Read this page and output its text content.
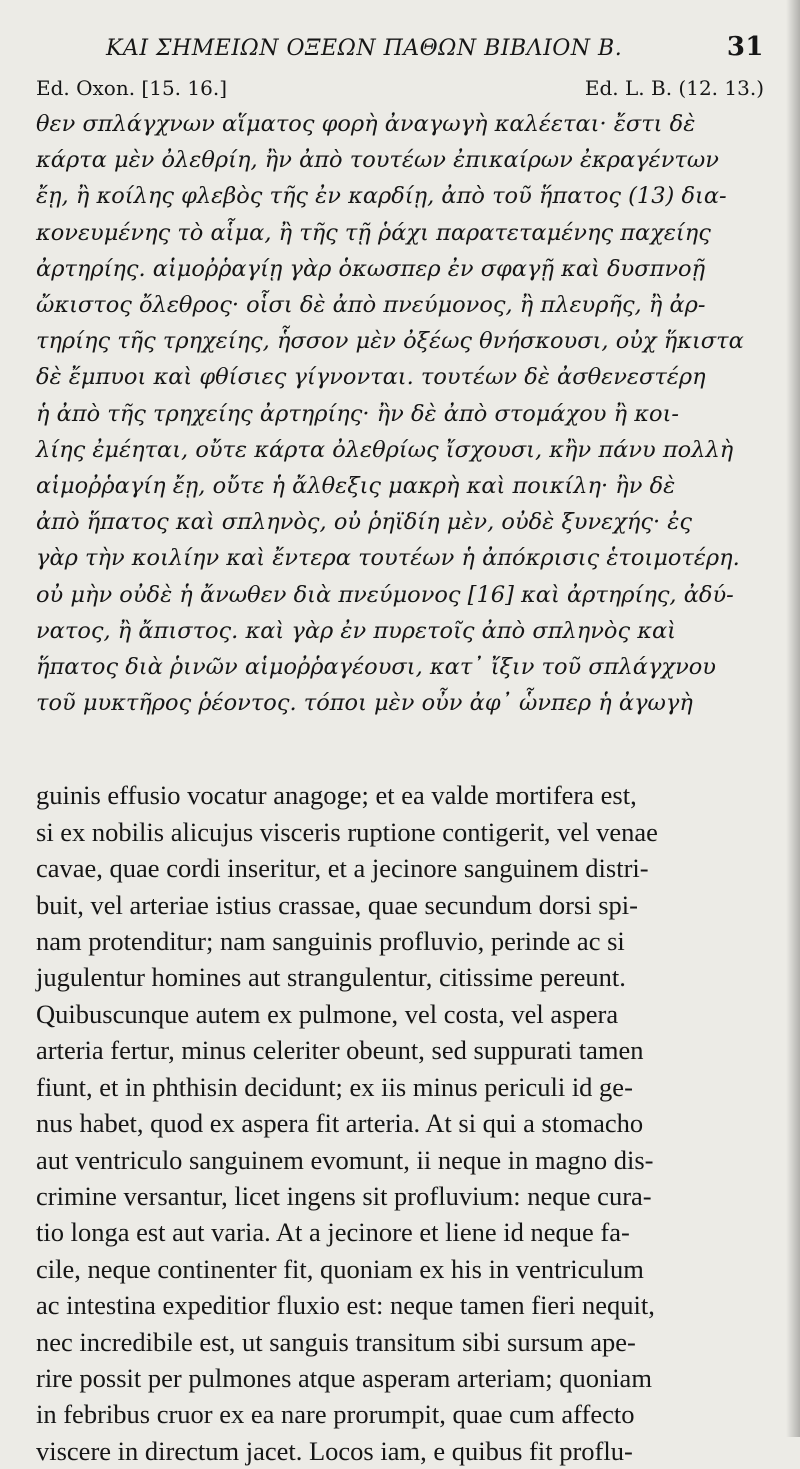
ΚΑΙ ΣΗΜΕΙΩΝ ΟΞΕΩΝ ΠΑΘΩΝ ΒΙΒΛΙΟΝ Β.	31
Ed. Oxon. [15. 16.]	Ed. L. B. (12. 13.)
θεν σπλάγχνων αἵματος φορὴ ἀναγωγὴ καλέεται· ἔστι δὲ
κάρτα μὲν ὀλεθρίη, ἢν ἀπὸ τουτέων ἐπικαίρων ἐκραγέντων
ἔῃ, ἢ κοίλης φλεβὸς τῆς ἐν καρδίῃ, ἀπὸ τοῦ ἥπατος (13) δια-
κονευμένης τὸ αἷμα, ἢ τῆς τῇ ῥάχι παρατεταμένης παχείης
ἀρτηρίης. αἱμοῤῥαγίῃ γὰρ ὁκωσπερ ἐν σφαγῇ καὶ δυσπνοῇ
ὤκιστος ὄλεθρος· οἷσι δὲ ἀπὸ πνεύμονος, ἢ πλευρῆς, ἢ ἀρ-
τηρίης τῆς τρηχείης, ἧσσον μὲν ὀξέως θνήσκουσι, οὐχ ἥκιστα
δὲ ἔμπυοι καὶ φθίσιες γίγνονται. τουτέων δὲ ἀσθενεστέρη
ἡ ἀπὸ τῆς τρηχείης ἀρτηρίης· ἢν δὲ ἀπὸ στομάχου ἢ κοι-
λίης ἐμέηται, οὔτε κάρτα ὀλεθρίως ἴσχουσι, κἢν πάνυ πολλὴ
αἱμοῤῥαγίη ἔῃ, οὔτε ἡ ἄλθεξις μακρὴ καὶ ποικίλη· ἢν δὲ
ἀπὸ ἥπατος καὶ σπληνὸς, οὐ ῥηϊδίη μὲν, οὐδὲ ξυνεχής· ἐς
γὰρ τὴν κοιλίην καὶ ἔντερα τουτέων ἡ ἀπόκρισις ἑτοιμοτέρη.
οὐ μὴν οὐδὲ ἡ ἄνωθεν διὰ πνεύμονος [16] καὶ ἀρτηρίης, ἀδύ-
νατος, ἢ ἄπιστος. καὶ γὰρ ἐν πυρετοῖς ἀπὸ σπληνὸς καὶ
ἥπατος διὰ ῥινῶν αἱμοῤῥαγέουσι, κατ᾽ ἴξιν τοῦ σπλάγχνου
τοῦ μυκτῆρος ῥέοντος. τόποι μὲν οὖν ἀφ᾽ ὧνπερ ἡ ἀγωγὴ
guinis effusio vocatur anagoge; et ea valde mortifera est,
si ex nobilis alicujus visceris ruptione contigerit, vel venae
cavae, quae cordi inseritur, et a jecinore sanguinem distri-
buit, vel arteriae istius crassae, quae secundum dorsi spi-
nam protenditur; nam sanguinis profluvio, perinde ac si
jugulentur homines aut strangulentur, citissime pereunt.
Quibuscunque autem ex pulmone, vel costa, vel aspera
arteria fertur, minus celeriter obeunt, sed suppurati tamen
fiunt, et in phthisin decidunt; ex iis minus periculi id ge-
nus habet, quod ex aspera fit arteria. At si qui a stomacho
aut ventriculo sanguinem evomunt, ii neque in magno dis-
crimine versantur, licet ingens sit profluvium: neque cura-
tio longa est aut varia. At a jecinore et liene id neque fa-
cile, neque continenter fit, quoniam ex his in ventriculum
ac intestina expeditior fluxio est: neque tamen fieri nequit,
nec incredibile est, ut sanguis transitum sibi sursum ape-
rire possit per pulmones atque asperam arteriam; quoniam
in febribus cruor ex ea nare prorumpit, quae cum affecto
viscere in directum jacet. Locos iam, e quibus fit proflu-
